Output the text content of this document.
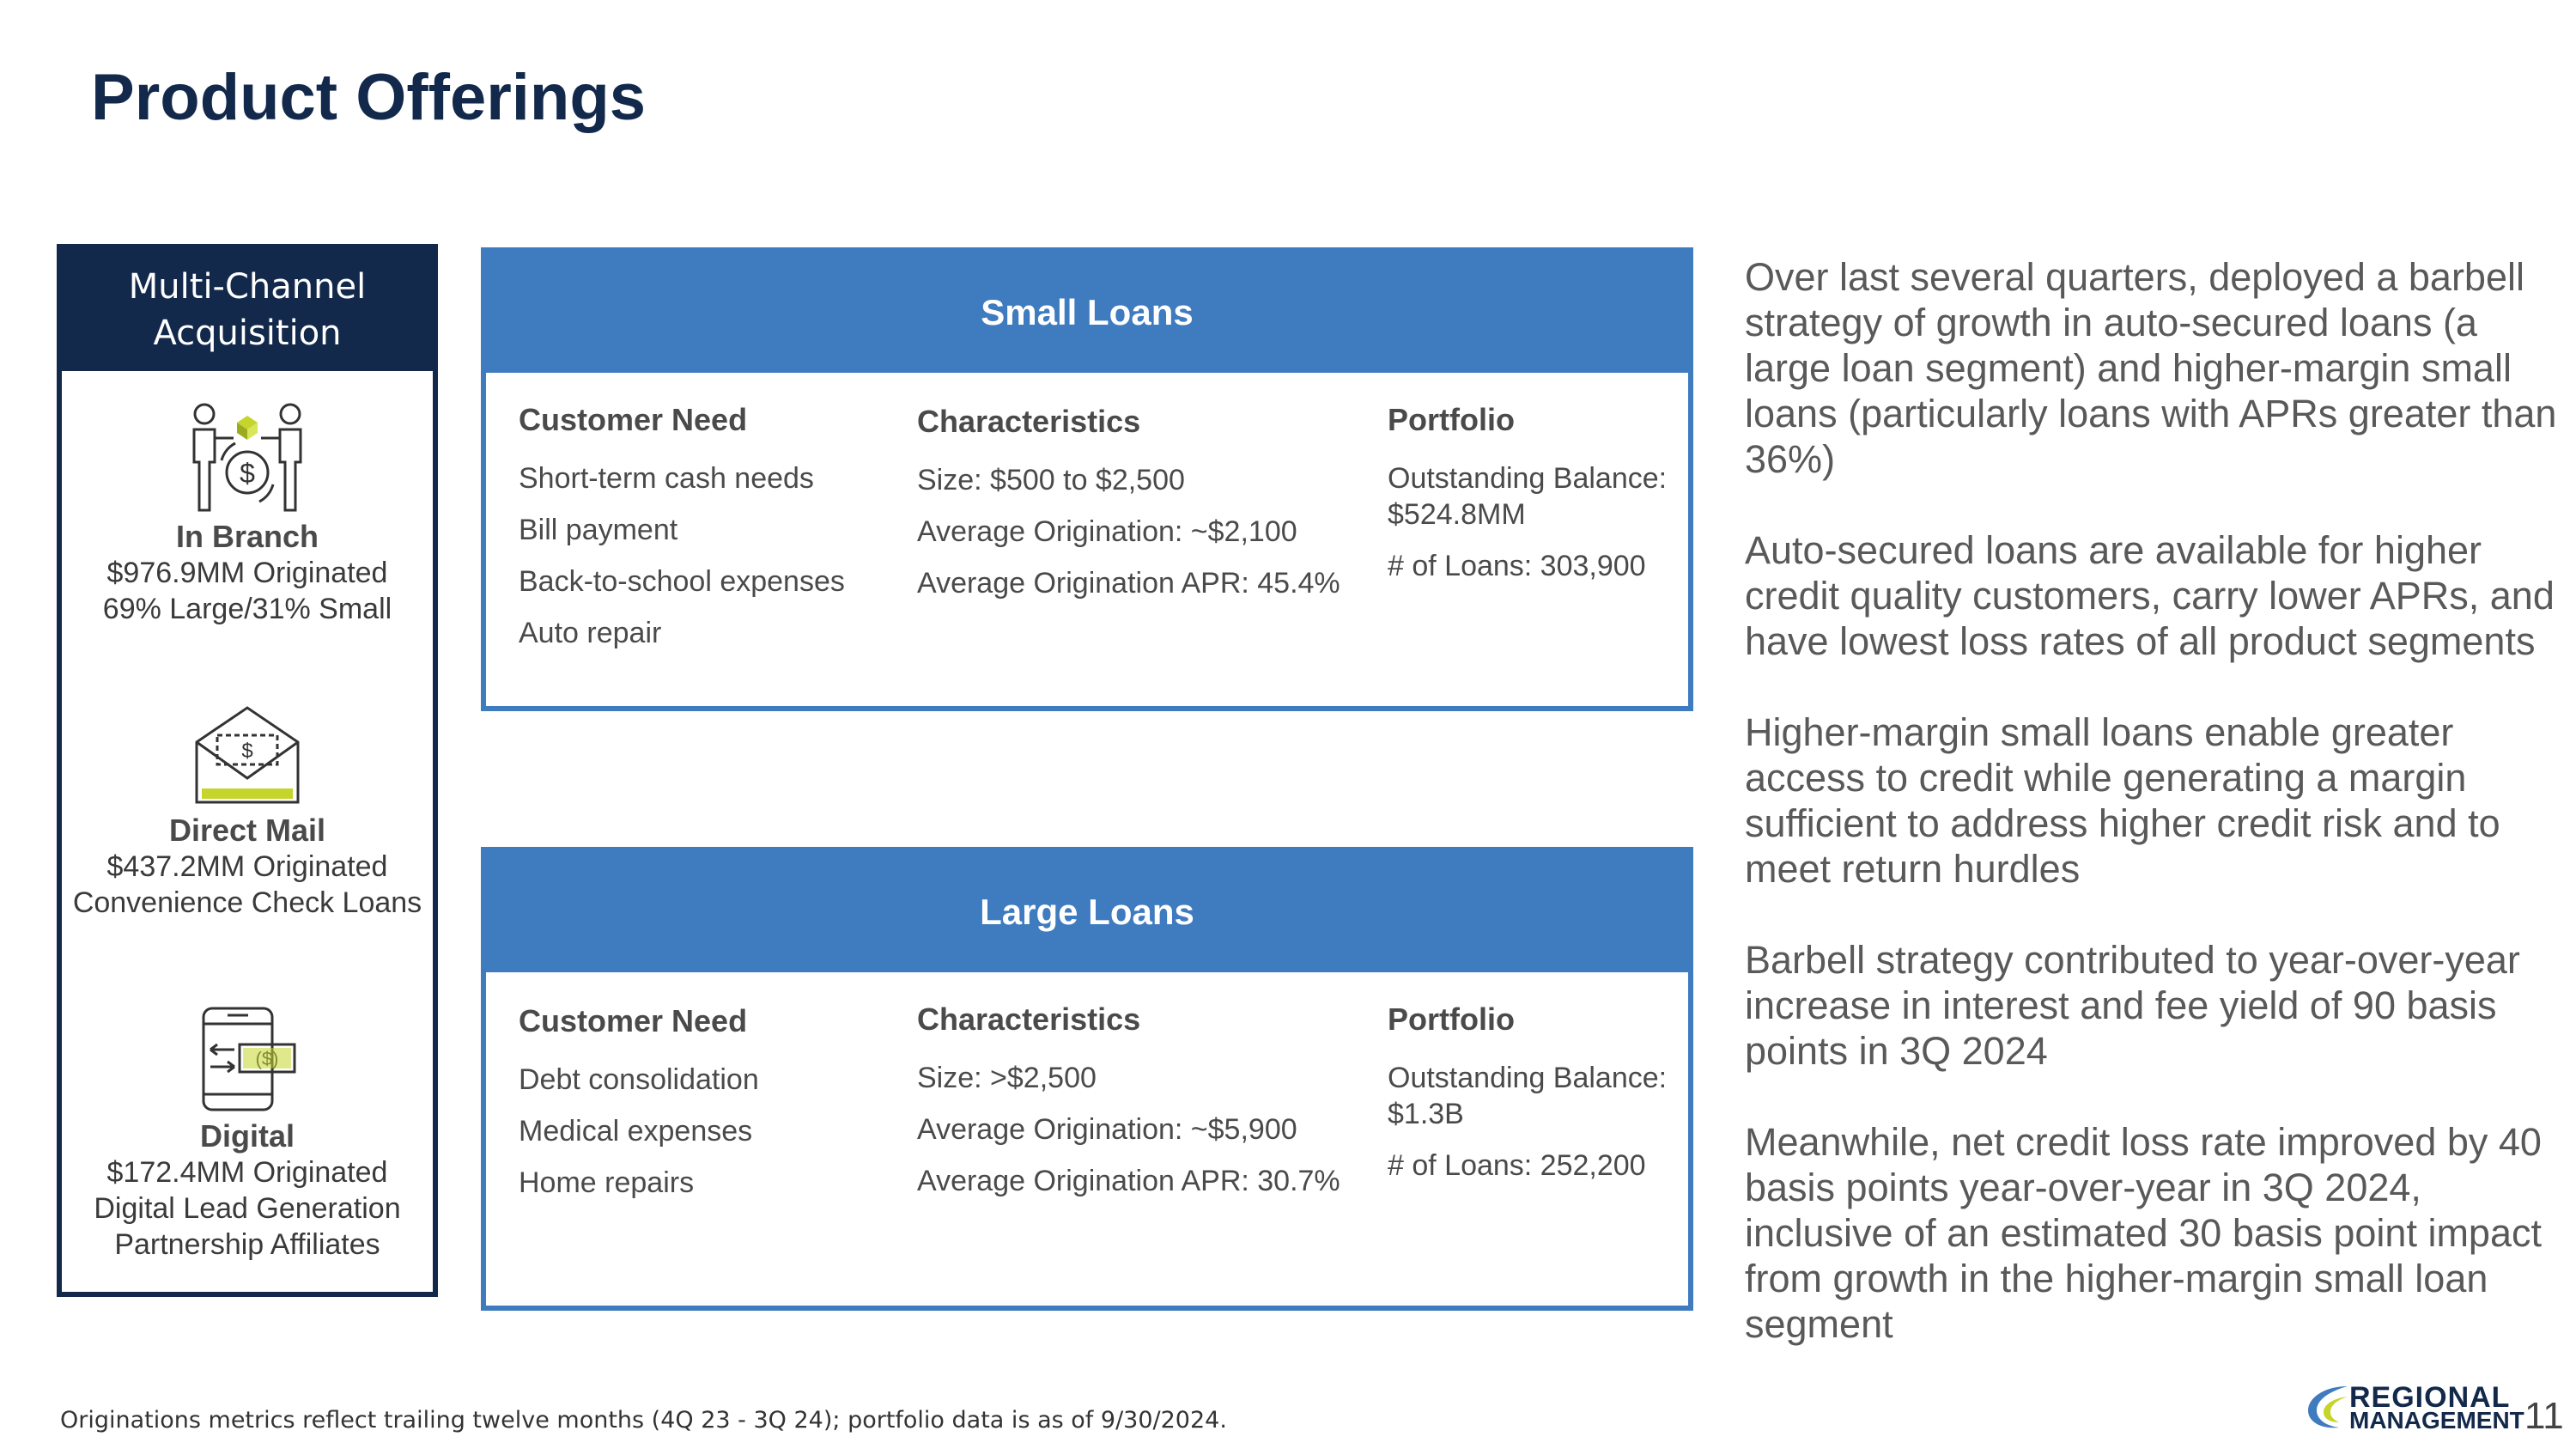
Product Offerings
Multi-Channel Acquisition
$
In Branch
$976.9MM Originated
69% Large/31% Small
$
Direct Mail
$437.2MM Originated
Convenience Check Loans
Digital
$172.4MM Originated
Digital Lead Generation
Partnership Affiliates
Small Loans
Customer Need
Short-term cash needs
Bill payment
Back-to-school expenses
Auto repair
Characteristics
Size: $500 to $2,500
Average Origination: ~$2,100
Average Origination APR: 45.4%
Portfolio
Outstanding Balance: $524.8MM
# of Loans: 303,900
Large Loans
Customer Need
Debt consolidation
Medical expenses
Home repairs
Characteristics
Size: >$2,500
Average Origination: ~$5,900
Average Origination APR: 30.7%
Portfolio
Outstanding Balance: $1.3B
# of Loans: 252,200
Over last several quarters, deployed a barbell strategy of growth in auto-secured loans (a large loan segment) and higher-margin small loans (particularly loans with APRs greater than 36%)
Auto-secured loans are available for higher credit quality customers, carry lower APRs, and have lowest loss rates of all product segments
Higher-margin small loans enable greater access to credit while generating a margin sufficient to address higher credit risk and to meet return hurdles
Barbell strategy contributed to year-over-year increase in interest and fee yield of 90 basis points in 3Q 2024
Meanwhile, net credit loss rate improved by 40 basis points year-over-year in 3Q 2024, inclusive of an estimated 30 basis point impact from growth in the higher-margin small loan segment
Originations metrics reflect trailing twelve months (4Q 23 - 3Q 24); portfolio data is as of 9/30/2024.
REGIONAL
MANAGEMENT 11
